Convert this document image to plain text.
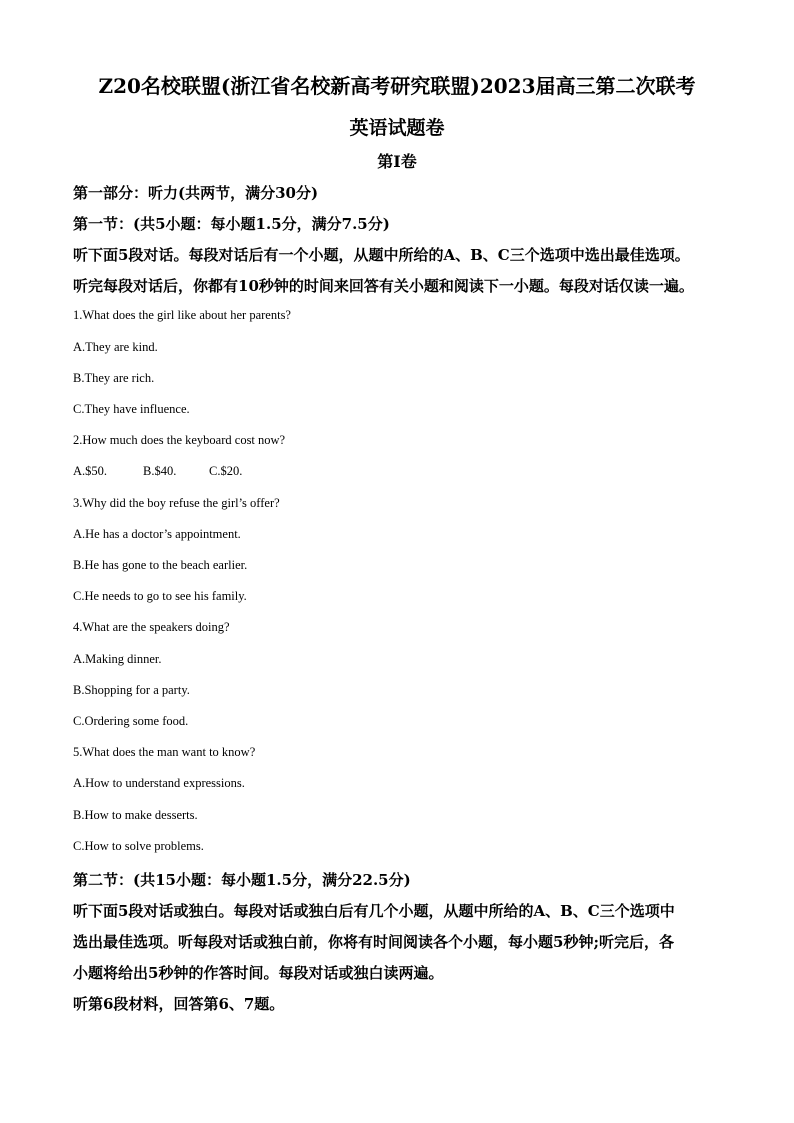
Z20名校联盟(浙江省名校新高考研究联盟)2023届高三第二次联考
英语试题卷
第I卷
第一部分：听力(共两节，满分30分)
第一节：(共5小题：每小题1.5分，满分7.5分)
听下面5段对话。每段对话后有一个小题，从题中所给的A、B、C三个选项中选出最佳选项。
听完每段对话后，你都有10秒钟的时间来回答有关小题和阅读下一小题。每段对话仅读一遍。
1.What does the girl like about her parents?
A.They are kind.
B.They are rich.
C.They have influence.
2.How much does the keyboard cost now?
A.$50.	B.$40.	C.$20.
3.Why did the boy refuse the girl’s offer?
A.He has a doctor’s appointment.
B.He has gone to the beach earlier.
C.He needs to go to see his family.
4.What are the speakers doing?
A.Making dinner.
B.Shopping for a party.
C.Ordering some food.
5.What does the man want to know?
A.How to understand expressions.
B.How to make desserts.
C.How to solve problems.
第二节：(共15小题：每小题1.5分，满分22.5分)
听下面5段对话或独白。每段对话或独白后有几个小题，从题中所给的A、B、C三个选项中
选出最佳选项。听每段对话或独白前，你将有时间阅读各个小题，每小题5秒钟;听完后，各
小题将给出5秒钟的作答时间。每段对话或独白读两遍。
听第6段材料，回答第6、7题。
